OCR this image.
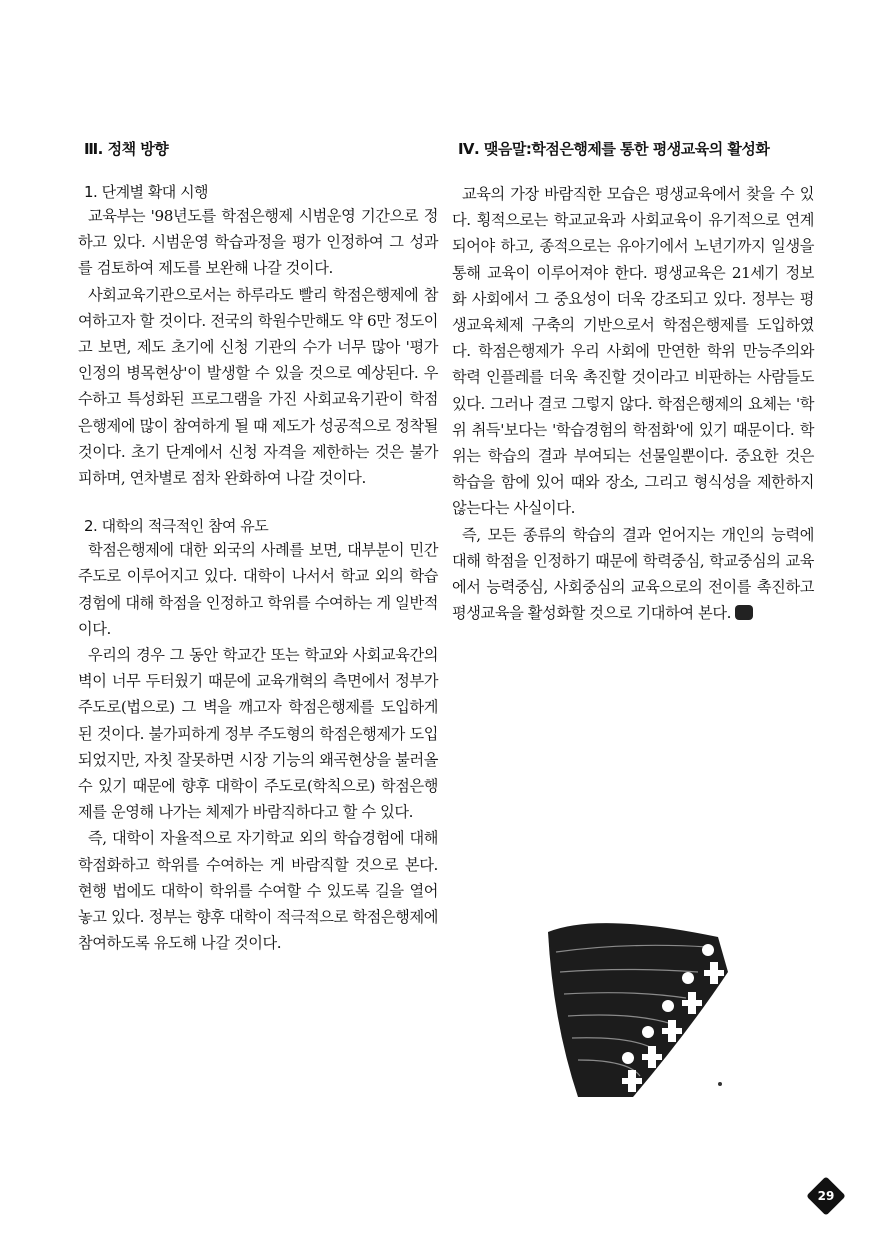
Ⅲ. 정책 방향
1. 단계별 확대 시행

교육부는 '98년도를 학점은행제 시범운영 기간으로 정하고 있다. 시범운영 학습과정을 평가 인정하여 그 성과를 검토하여 제도를 보완해 나갈 것이다.

사회교육기관으로서는 하루라도 빨리 학점은행제에 참여하고자 할 것이다. 전국의 학원수만해도 약 6만 정도이고 보면, 제도 초기에 신청 기관의 수가 너무 많아 '평가인정의 병목현상'이 발생할 수 있을 것으로 예상된다. 우수하고 특성화된 프로그램을 가진 사회교육기관이 학점은행제에 많이 참여하게 될 때 제도가 성공적으로 정착될 것이다. 초기 단계에서 신청 자격을 제한하는 것은 불가피하며, 연차별로 점차 완화하여 나갈 것이다.

2. 대학의 적극적인 참여 유도

학점은행제에 대한 외국의 사례를 보면, 대부분이 민간 주도로 이루어지고 있다. 대학이 나서서 학교 외의 학습경험에 대해 학점을 인정하고 학위를 수여하는 게 일반적이다.

우리의 경우 그 동안 학교간 또는 학교와 사회교육간의 벽이 너무 두터웠기 때문에 교육개혁의 측면에서 정부가 주도로(법으로) 그 벽을 깨고자 학점은행제를 도입하게 된 것이다. 불가피하게 정부 주도형의 학점은행제가 도입되었지만, 자칫 잘못하면 시장 기능의 왜곡현상을 불러올 수 있기 때문에 향후 대학이 주도로(학칙으로) 학점은행제를 운영해 나가는 체제가 바람직하다고 할 수 있다.

즉, 대학이 자율적으로 자기학교 외의 학습경험에 대해 학점화하고 학위를 수여하는 게 바람직할 것으로 본다. 현행 법에도 대학이 학위를 수여할 수 있도록 길을 열어놓고 있다. 정부는 향후 대학이 적극적으로 학점은행제에 참여하도록 유도해 나갈 것이다.

Ⅳ. 맺음말:학점은행제를 통한 평생교육의 활성화

교육의 가장 바람직한 모습은 평생교육에서 찾을 수 있다. 횡적으로는 학교교육과 사회교육이 유기적으로 연계되어야 하고, 종적으로는 유아기에서 노년기까지 일생을 통해 교육이 이루어져야 한다. 평생교육은 21세기 정보화 사회에서 그 중요성이 더욱 강조되고 있다. 정부는 평생교육체제 구축의 기반으로서 학점은행제를 도입하였다. 학점은행제가 우리 사회에 만연한 학위 만능주의와 학력 인플레를 더욱 촉진할 것이라고 비판하는 사람들도 있다. 그러나 결코 그렇지 않다. 학점은행제의 요체는 '학위 취득'보다는 '학습경험의 학점화'에 있기 때문이다. 학위는 학습의 결과 부여되는 선물일뿐이다. 중요한 것은 학습을 함에 있어 때와 장소, 그리고 형식성을 제한하지 않는다는 사실이다.

즉, 모든 종류의 학습의 결과 얻어지는 개인의 능력에 대해 학점을 인정하기 때문에 학력중심, 학교중심의 교육에서 능력중심, 사회중심의 교육으로의 전이를 촉진하고 평생교육을 활성화할 것으로 기대하여 본다.

29
